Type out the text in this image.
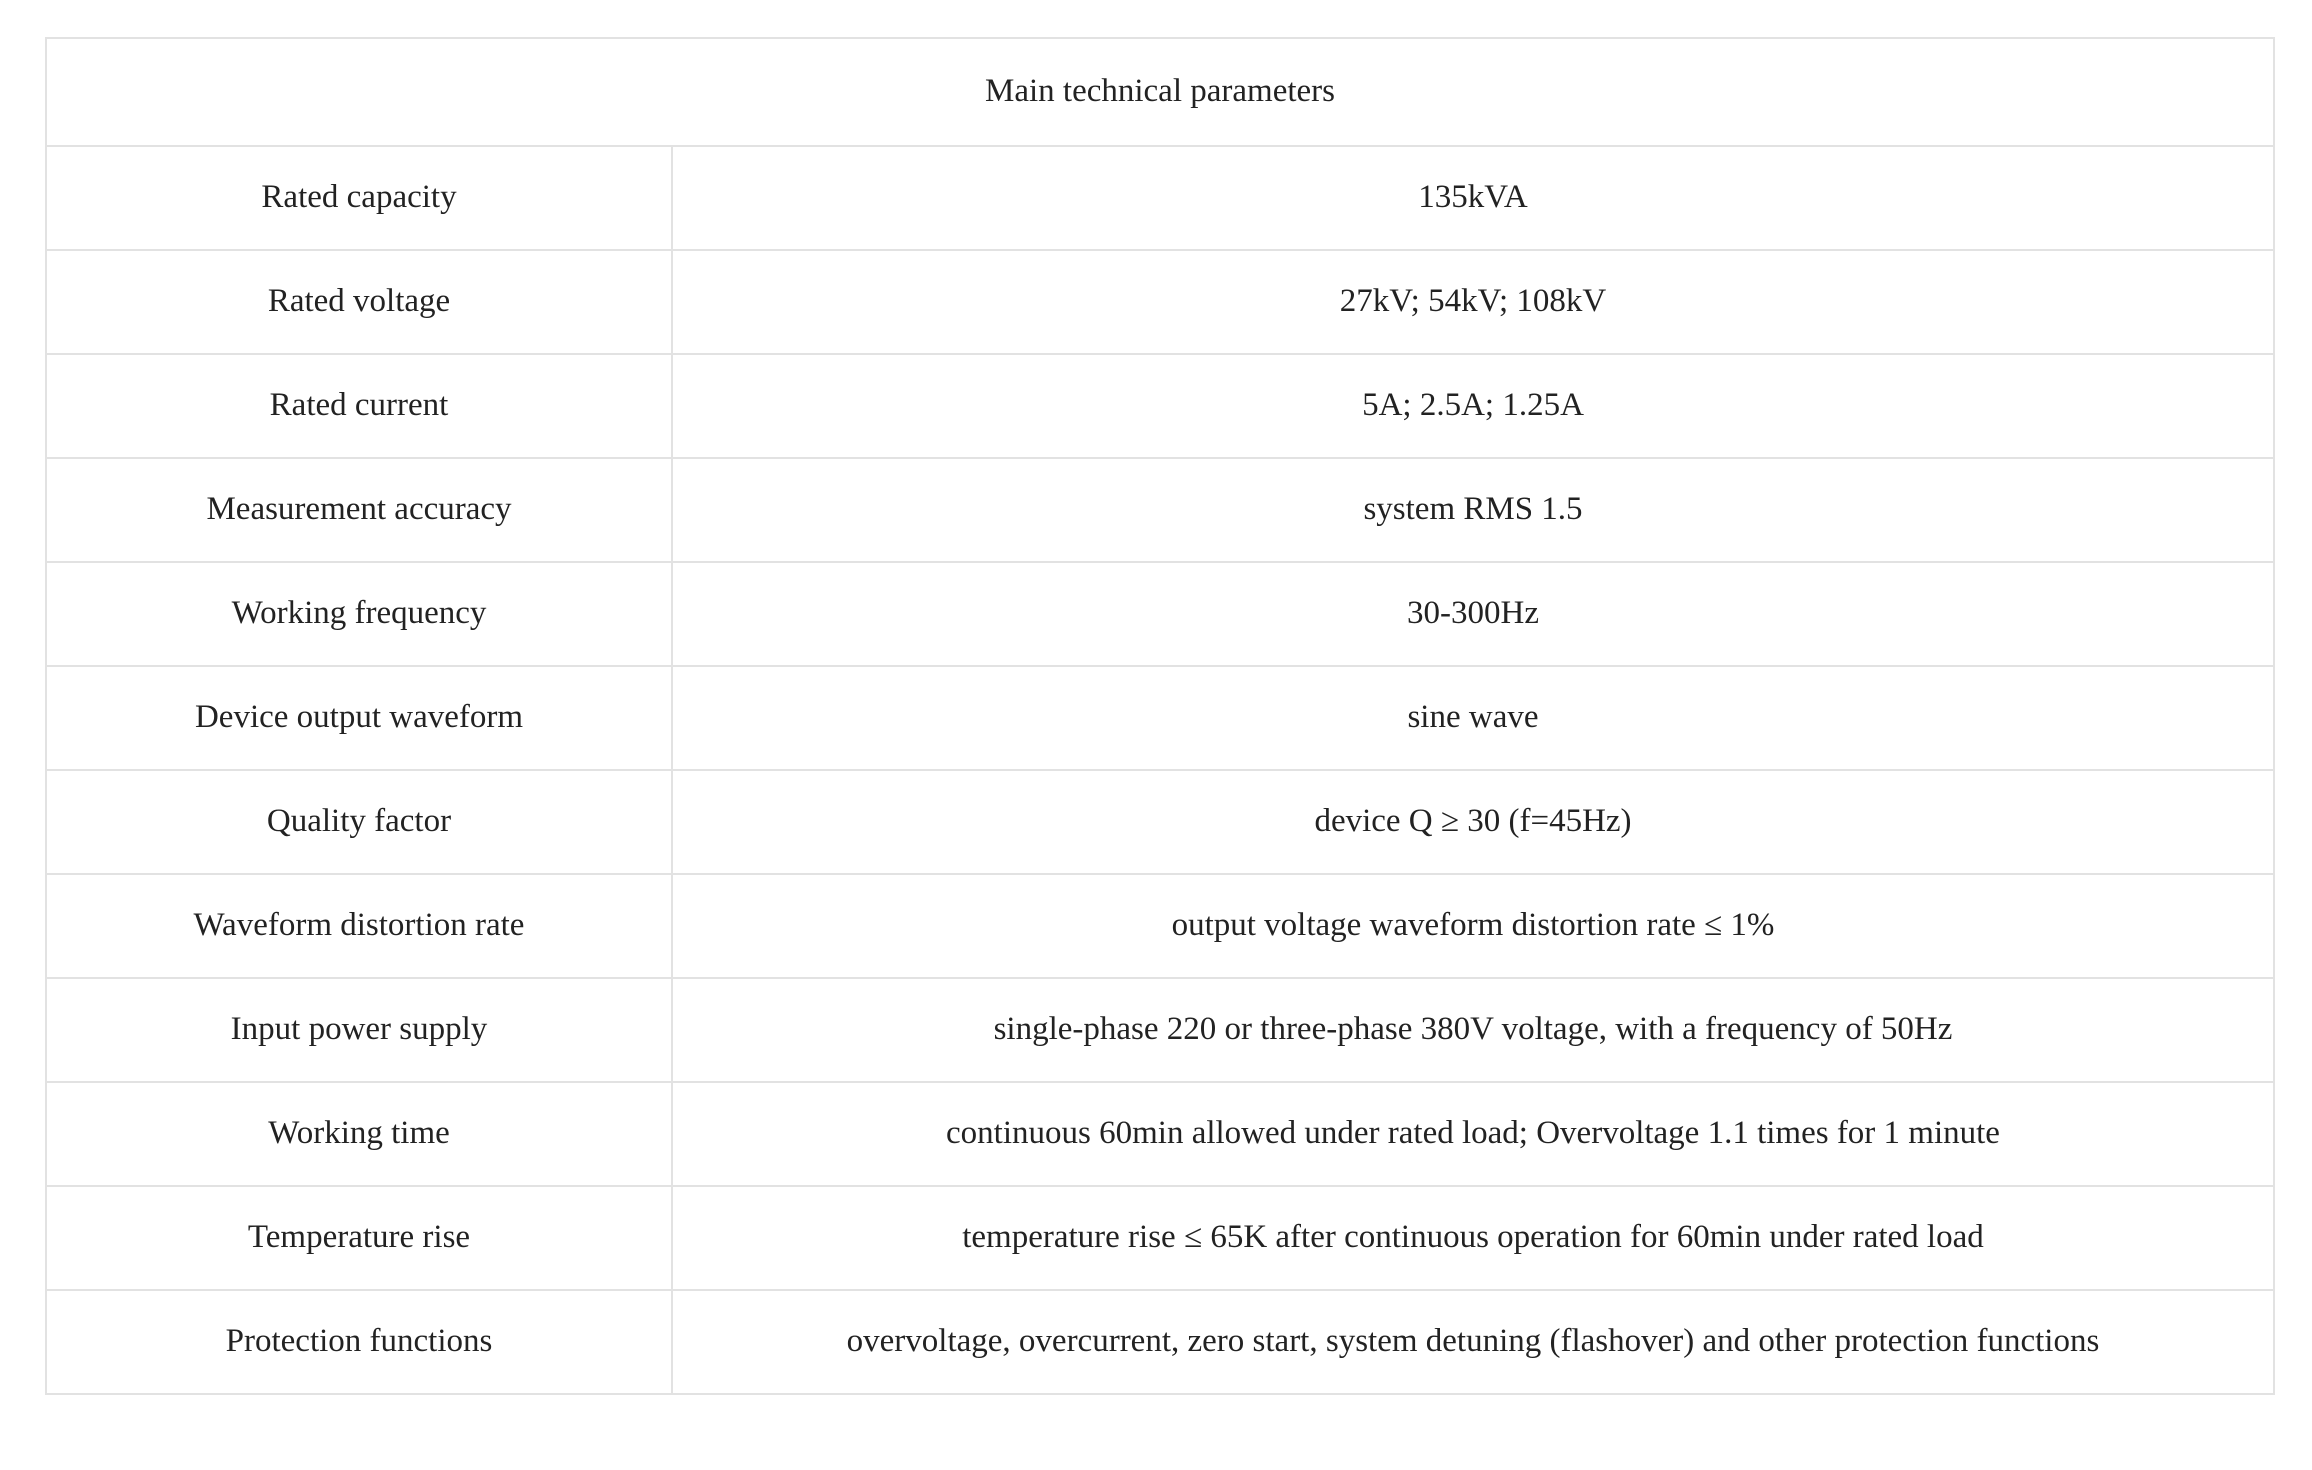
Main technical parameters	
Rated capacity	135kVA
Rated voltage	27kV; 54kV; 108kV
Rated current	5A; 2.5A; 1.25A
Measurement accuracy	system RMS 1.5
Working frequency	30-300Hz
Device output waveform	sine wave
Quality factor	device Q ≥ 30 (f=45Hz)
Waveform distortion rate	output voltage waveform distortion rate ≤ 1%
Input power supply	single-phase 220 or three-phase 380V voltage, with a frequency of 50Hz
Working time	continuous 60min allowed under rated load; Overvoltage 1.1 times for 1 minute
Temperature rise	temperature rise ≤ 65K after continuous operation for 60min under rated load
Protection functions	overvoltage, overcurrent, zero start, system detuning (flashover) and other protection functions
